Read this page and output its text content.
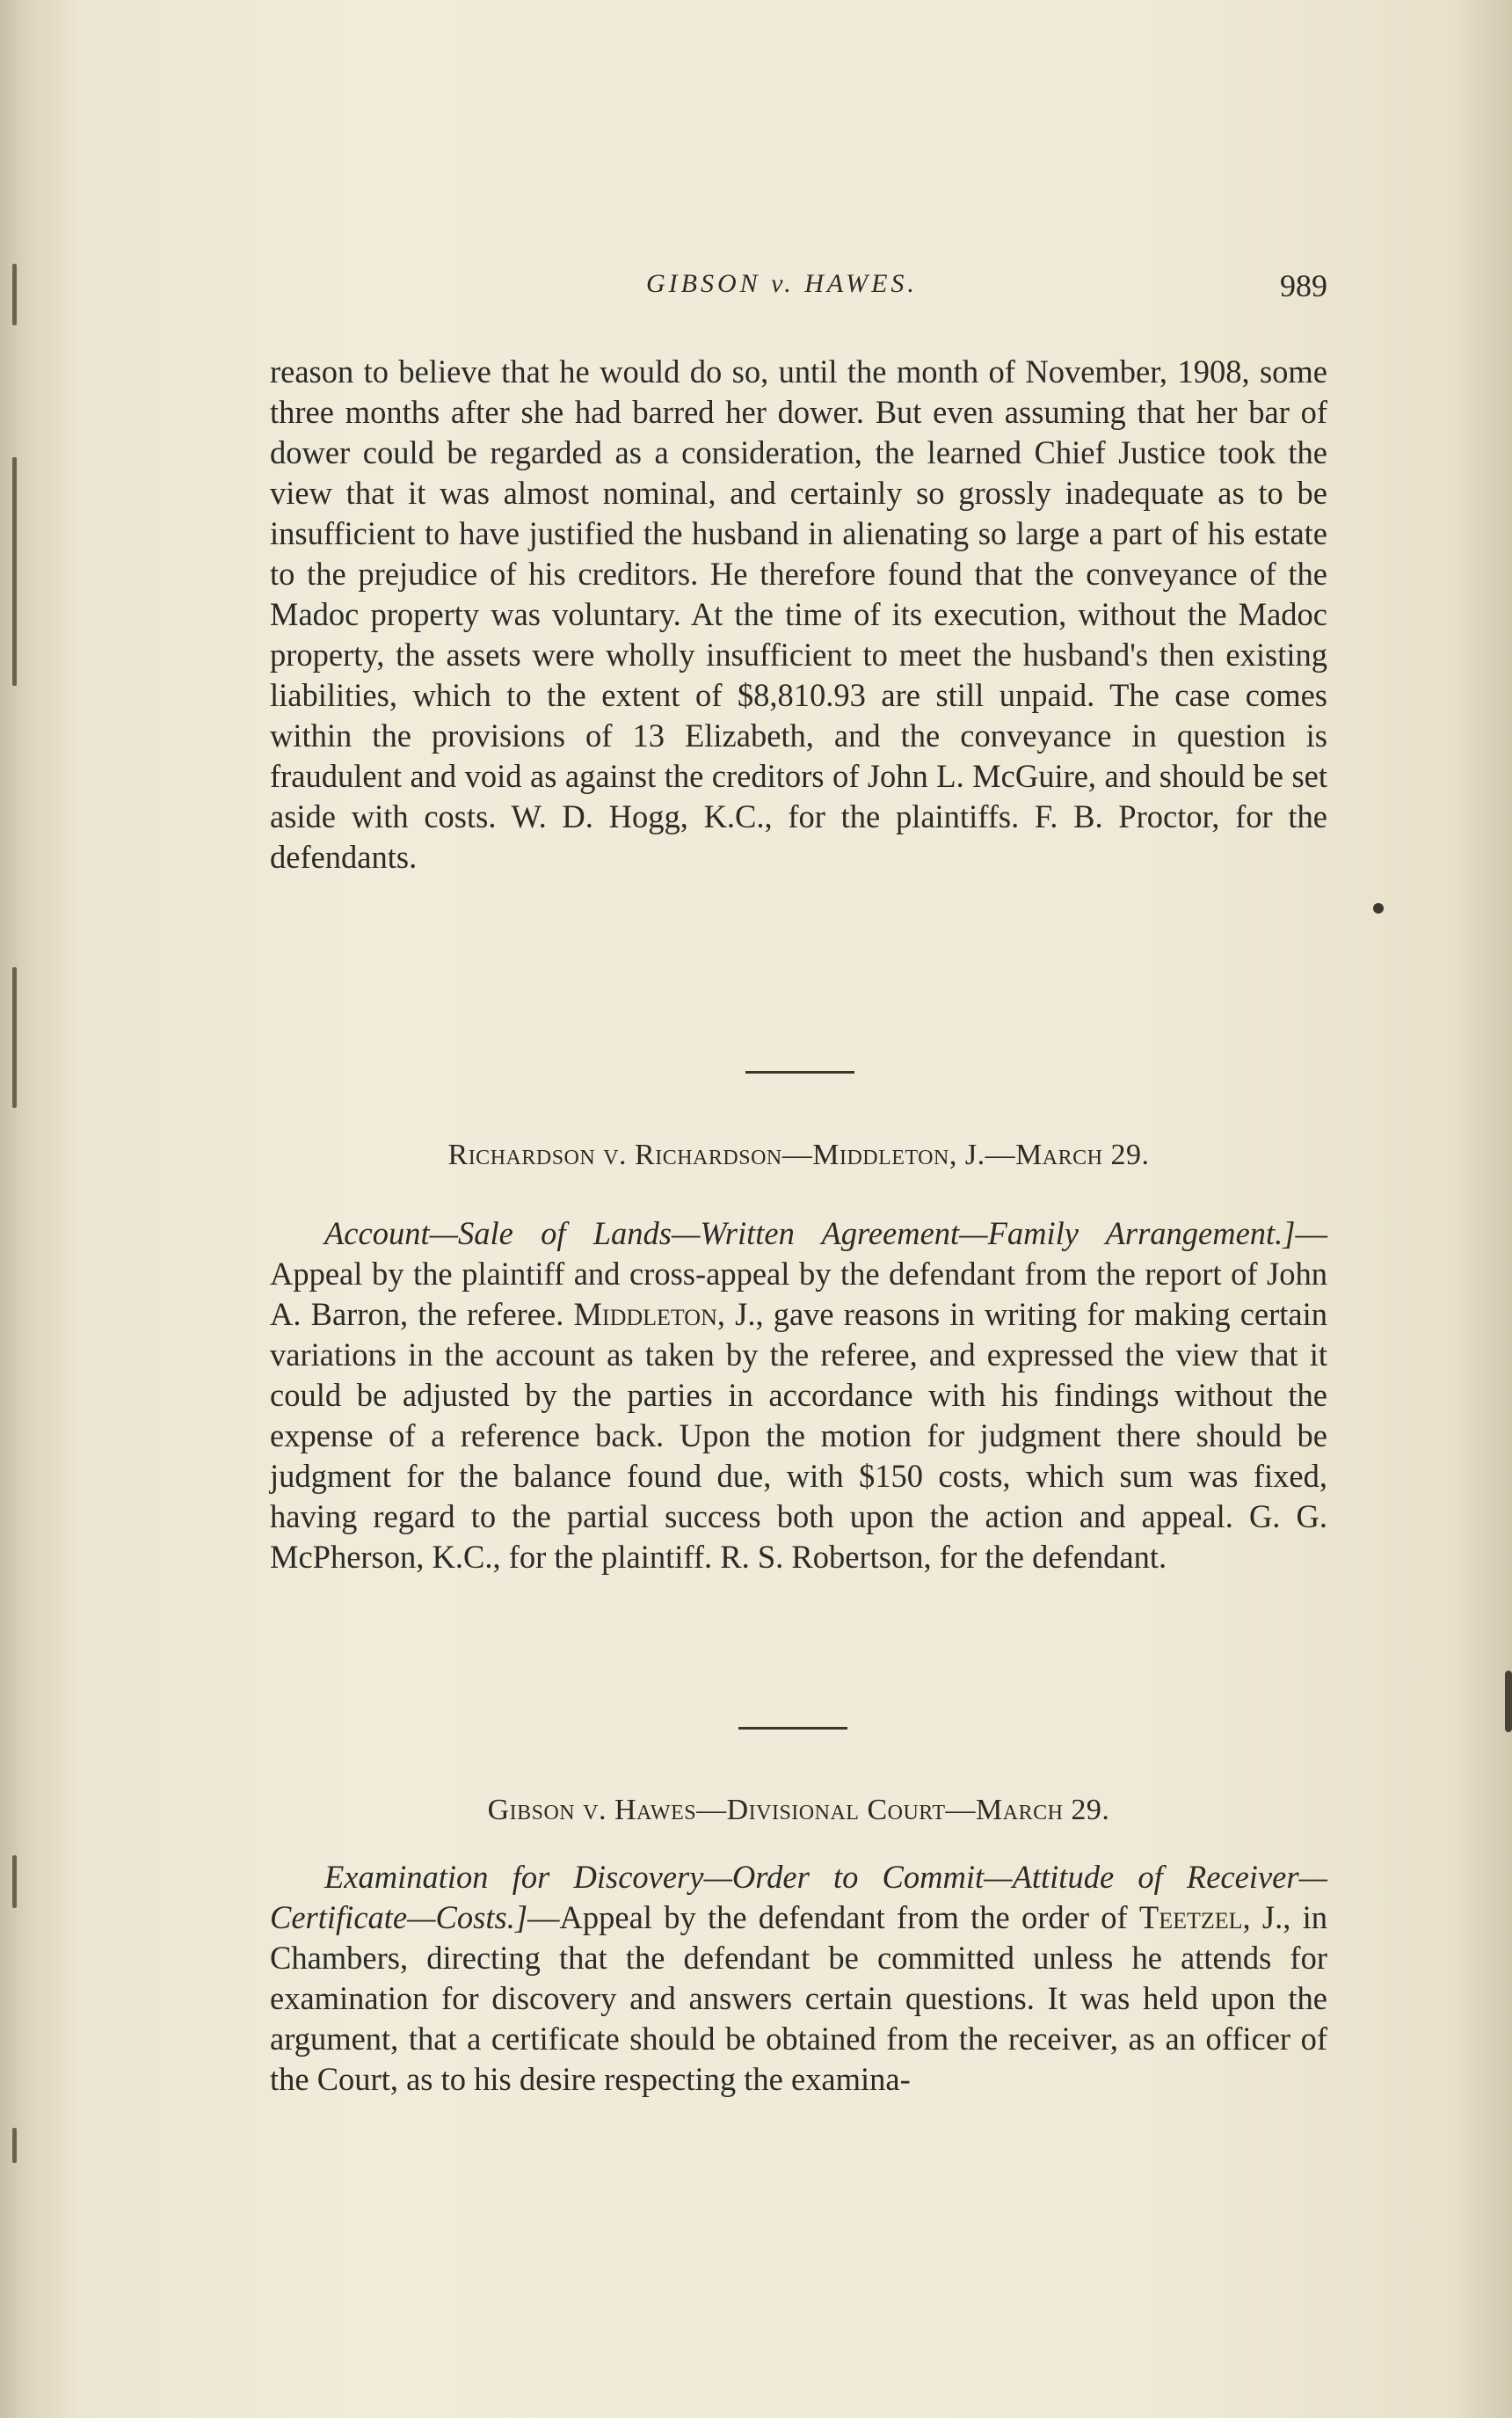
GIBSON v. HAWES.	989

reason to believe that he would do so, until the month of November, 1908, some three months after she had barred her dower. But even assuming that her bar of dower could be regarded as a consideration, the learned Chief Justice took the view that it was almost nominal, and certainly so grossly inadequate as to be insufficient to have justified the husband in alienating so large a part of his estate to the prejudice of his creditors. He therefore found that the conveyance of the Madoc property was voluntary. At the time of its execution, without the Madoc property, the assets were wholly insufficient to meet the husband's then existing liabilities, which to the extent of $8,810.93 are still unpaid. The case comes within the provisions of 13 Elizabeth, and the conveyance in question is fraudulent and void as against the creditors of John L. McGuire, and should be set aside with costs. W. D. Hogg, K.C., for the plaintiffs. F. B. Proctor, for the defendants.

Richardson v. Richardson—Middleton, J.—March 29.

Account—Sale of Lands—Written Agreement—Family Arrangement.]—Appeal by the plaintiff and cross-appeal by the defendant from the report of John A. Barron, the referee. Middleton, J., gave reasons in writing for making certain variations in the account as taken by the referee, and expressed the view that it could be adjusted by the parties in accordance with his findings without the expense of a reference back. Upon the motion for judgment there should be judgment for the balance found due, with $150 costs, which sum was fixed, having regard to the partial success both upon the action and appeal. G. G. McPherson, K.C., for the plaintiff. R. S. Robertson, for the defendant.

Gibson v. Hawes—Divisional Court—March 29.

Examination for Discovery—Order to Commit—Attitude of Receiver—Certificate—Costs.]—Appeal by the defendant from the order of Teetzel, J., in Chambers, directing that the defendant be committed unless he attends for examination for discovery and answers certain questions. It was held upon the argument, that a certificate should be obtained from the receiver, as an officer of the Court, as to his desire respecting the examina-
